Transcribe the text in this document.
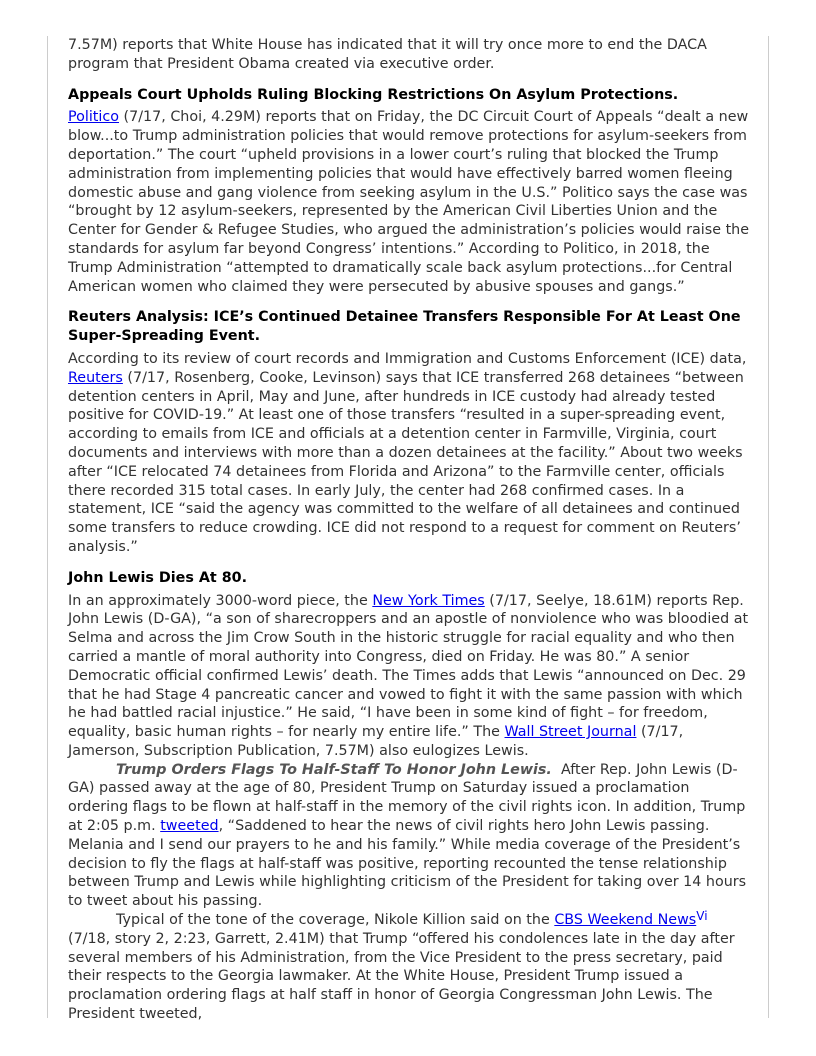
7.57M) reports that White House has indicated that it will try once more to end the DACA program that President Obama created via executive order.

Appeals Court Upholds Ruling Blocking Restrictions On Asylum Protections.

Politico (7/17, Choi, 4.29M) reports that on Friday, the DC Circuit Court of Appeals “dealt a new blow...to Trump administration policies that would remove protections for asylum-seekers from deportation.” The court “upheld provisions in a lower court’s ruling that blocked the Trump administration from implementing policies that would have effectively barred women fleeing domestic abuse and gang violence from seeking asylum in the U.S.” Politico says the case was “brought by 12 asylum-seekers, represented by the American Civil Liberties Union and the Center for Gender & Refugee Studies, who argued the administration’s policies would raise the standards for asylum far beyond Congress’ intentions.” According to Politico, in 2018, the Trump Administration “attempted to dramatically scale back asylum protections...for Central American women who claimed they were persecuted by abusive spouses and gangs.”

Reuters Analysis: ICE’s Continued Detainee Transfers Responsible For At Least One Super-Spreading Event.

According to its review of court records and Immigration and Customs Enforcement (ICE) data, Reuters (7/17, Rosenberg, Cooke, Levinson) says that ICE transferred 268 detainees “between detention centers in April, May and June, after hundreds in ICE custody had already tested positive for COVID-19.” At least one of those transfers “resulted in a super-spreading event, according to emails from ICE and officials at a detention center in Farmville, Virginia, court documents and interviews with more than a dozen detainees at the facility.” About two weeks after “ICE relocated 74 detainees from Florida and Arizona” to the Farmville center, officials there recorded 315 total cases. In early July, the center had 268 confirmed cases. In a statement, ICE “said the agency was committed to the welfare of all detainees and continued some transfers to reduce crowding. ICE did not respond to a request for comment on Reuters’ analysis.”

John Lewis Dies At 80.

In an approximately 3000-word piece, the New York Times (7/17, Seelye, 18.61M) reports Rep. John Lewis (D-GA), “a son of sharecroppers and an apostle of nonviolence who was bloodied at Selma and across the Jim Crow South in the historic struggle for racial equality and who then carried a mantle of moral authority into Congress, died on Friday. He was 80.” A senior Democratic official confirmed Lewis’ death. The Times adds that Lewis “announced on Dec. 29 that he had Stage 4 pancreatic cancer and vowed to fight it with the same passion with which he had battled racial injustice.” He said, “I have been in some kind of fight – for freedom, equality, basic human rights – for nearly my entire life.” The Wall Street Journal (7/17, Jamerson, Subscription Publication, 7.57M) also eulogizes Lewis.

Trump Orders Flags To Half-Staff To Honor John Lewis.  After Rep. John Lewis (D-GA) passed away at the age of 80, President Trump on Saturday issued a proclamation ordering flags to be flown at half-staff in the memory of the civil rights icon. In addition, Trump at 2:05 p.m. tweeted, “Saddened to hear the news of civil rights hero John Lewis passing. Melania and I send our prayers to he and his family.” While media coverage of the President’s decision to fly the flags at half-staff was positive, reporting recounted the tense relationship between Trump and Lewis while highlighting criticism of the President for taking over 14 hours to tweet about his passing.

Typical of the tone of the coverage, Nikole Killion said on the CBS Weekend News$^{Vi}$ (7/18, story 2, 2:23, Garrett, 2.41M) that Trump “offered his condolences late in the day after several members of his Administration, from the Vice President to the press secretary, paid their respects to the Georgia lawmaker. At the White House, President Trump issued a proclamation ordering flags at half staff in honor of Georgia Congressman John Lewis. The President tweeted,
